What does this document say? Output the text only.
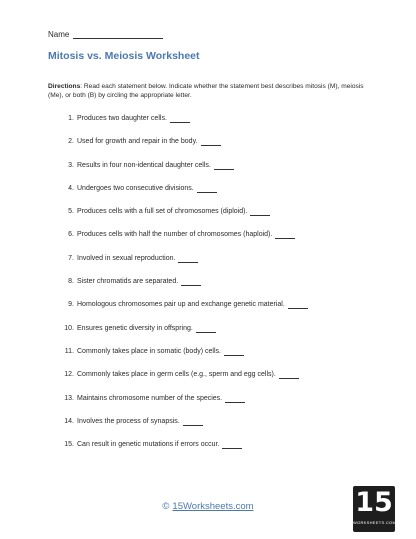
Name
Mitosis vs. Meiosis Worksheet

Directions: Read each statement below. Indicate whether the statement best describes mitosis (M), meiosis (Me), or both (B) by circling the appropriate letter.

1. Produces two daughter cells.
2. Used for growth and repair in the body.
3. Results in four non-identical daughter cells.
4. Undergoes two consecutive divisions.
5. Produces cells with a full set of chromosomes (diploid).
6. Produces cells with half the number of chromosomes (haploid).
7. Involved in sexual reproduction.
8. Sister chromatids are separated.
9. Homologous chromosomes pair up and exchange genetic material.
10. Ensures genetic diversity in offspring.
11. Commonly takes place in somatic (body) cells.
12. Commonly takes place in germ cells (e.g., sperm and egg cells).
13. Maintains chromosome number of the species.
14. Involves the process of synapsis.
15. Can result in genetic mutations if errors occur.
© 15Worksheets.com	15
WORKSHEETS.COM
